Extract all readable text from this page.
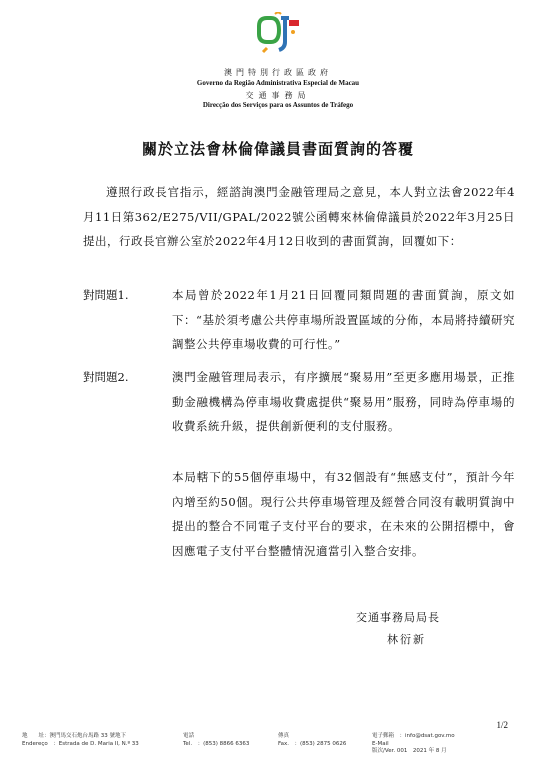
澳門特別行政區政府
Governo da Região Administrativa Especial de Macau
交通事務局
Direcção dos Serviços para os Assuntos de Tráfego
關於立法會林倫偉議員書面質詢的答覆
遵照行政長官指示，經諮詢澳門金融管理局之意見，本人對立法會2022年4月11日第362/E275/VII/GPAL/2022號公函轉來林倫偉議員於2022年3月25日提出，行政長官辦公室於2022年4月12日收到的書面質詢，回覆如下：
對問題1.	本局曾於2022年1月21日回覆同類問題的書面質詢，原文如下：“基於須考慮公共停車場所設置區域的分佈，本局將持續研究調整公共停車場收費的可行性。”
對問題2.	澳門金融管理局表示，有序擴展“聚易用”至更多應用場景，正推動金融機構為停車場收費處提供“聚易用”服務，同時為停車場的收費系統升級，提供創新便利的支付服務。
本局轄下的55個停車場中，有32個設有“無感支付”，預計今年內增至約50個。現行公共停車場管理及經營合同沒有載明質詢中提出的整合不同電子支付平台的要求，在未來的公開招標中，會因應電子支付平台整體情況適當引入整合安排。
交通事務局局長
林衍新
1/2
地　　址：澳門馬交石炮台馬路 33 號地下
Endereço　：Estrada de D. Maria II, N.º 33
電話
Tel.　：(853) 8866 6363
傳真
Fax.　：(853) 2875 0626
電子郵箱　：info@dsat.gov.mo
E-Mail
版次/Ver. 001　2021 年 8 月
